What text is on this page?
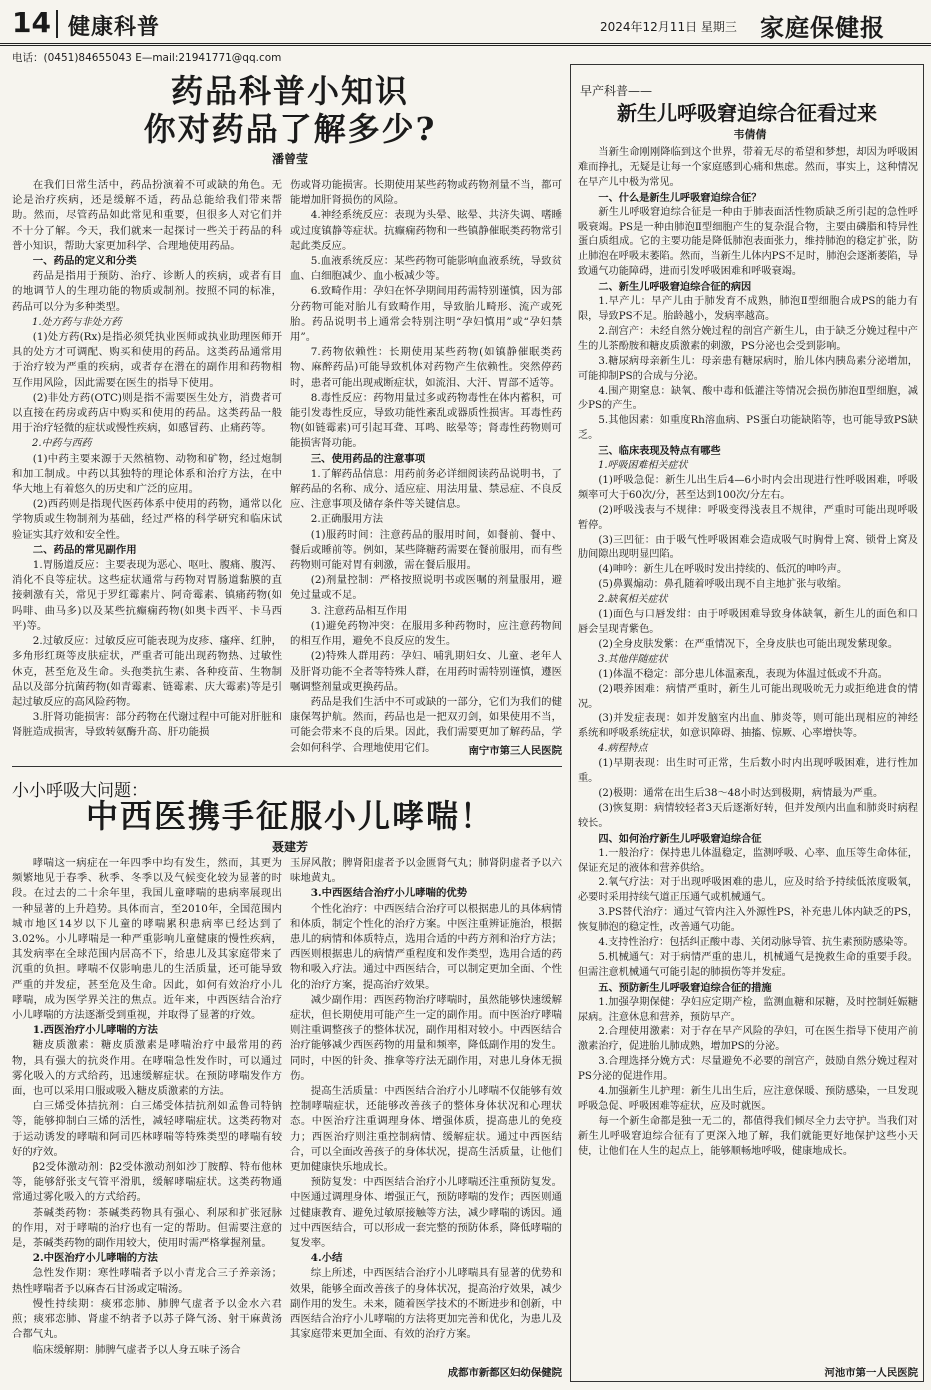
14 健康科普	2024年12月11日 星期三 家庭保健报
电话：(0451)84655043 E—mail:21941771@qq.com
药品科普小知识
你对药品了解多少?
潘曾莹

在我们日常生活中，药品扮演着不可或缺的角色。无论是治疗疾病，还是缓解不适，药品总能给我们带来帮助。然而，尽管药品如此常见和重要，但很多人对它们并不十分了解。今天，我们就来一起探讨一些关于药品的科普小知识，帮助大家更加科学、合理地使用药品。

一、药品的定义和分类

药品是指用于预防、治疗、诊断人的疾病，或者有目的地调节人的生理功能的物质或制剂。按照不同的标准，药品可以分为多种类型。

1.处方药与非处方药

(1)处方药(Rx)是指必须凭执业医师或执业助理医师开具的处方才可调配、购买和使用的药品。这类药品通常用于治疗较为严重的疾病，或者存在潜在的副作用和药物相互作用风险，因此需要在医生的指导下使用。

(2)非处方药(OTC)则是指不需要医生处方，消费者可以直接在药房或药店中购买和使用的药品。这类药品一般用于治疗轻微的症状或慢性疾病，如感冒药、止痛药等。

2.中药与西药

(1)中药主要来源于天然植物、动物和矿物，经过炮制和加工制成。中药以其独特的理论体系和治疗方法，在中华大地上有着悠久的历史和广泛的应用。

(2)西药则是指现代医药体系中使用的药物，通常以化学物质或生物制剂为基础，经过严格的科学研究和临床试验证实其疗效和安全性。

二、药品的常见副作用

1.胃肠道反应：主要表现为恶心、呕吐、腹痛、腹泻、消化不良等症状。这些症状通常与药物对胃肠道黏膜的直接刺激有关，常见于罗红霉素片、阿奇霉素、镇痛药物(如吗啡、曲马多)以及某些抗癫痫药物(如奥卡西平、卡马西平)等。

2.过敏反应：过敏反应可能表现为皮疹、瘙痒、红肿，多角形红斑等皮肤症状，严重者可能出现药物热、过敏性休克，甚至危及生命。头孢类抗生素、各种疫苗、生物制品以及部分抗菌药物(如青霉素、链霉素、庆大霉素)等是引起过敏反应的高风险药物。

3.肝肾功能损害：部分药物在代谢过程中可能对肝脏和肾脏造成损害，导致转氨酶升高、肝功能损

伤或肾功能损害。长期使用某些药物或药物剂量不当，都可能增加肝肾损伤的风险。

4.神经系统反应：表现为头晕、眩晕、共济失调、嗜睡或过度镇静等症状。抗癫痫药物和一些镇静催眠类药物常引起此类反应。

5.血液系统反应：某些药物可能影响血液系统，导致贫血、白细胞减少、血小板减少等。

6.致畸作用：孕妇在怀孕期间用药需特别谨慎，因为部分药物可能对胎儿有致畸作用，导致胎儿畸形、流产或死胎。药品说明书上通常会特别注明“孕妇慎用”或“孕妇禁用”。

7.药物依赖性：长期使用某些药物(如镇静催眠类药物、麻醉药品)可能导致机体对药物产生依赖性。突然停药时，患者可能出现戒断症状，如流泪、大汗、胃部不适等。

8.毒性反应：药物用量过多或药物毒性在体内蓄积，可能引发毒性反应，导致功能性紊乱或器质性损害。耳毒性药物(如链霉素)可引起耳聋、耳鸣、眩晕等；肾毒性药物则可能损害肾功能。

三、使用药品的注意事项

1.了解药品信息：用药前务必详细阅读药品说明书，了解药品的名称、成分、适应症、用法用量、禁忌症、不良反应、注意事项及储存条件等关键信息。

2.正确服用方法

(1)服药时间：注意药品的服用时间，如餐前、餐中、餐后或睡前等。例如，某些降糖药需要在餐前服用，而有些药物则可能对胃有刺激，需在餐后服用。

(2)剂量控制：严格按照说明书或医嘱的剂量服用，避免过量或不足。

3. 注意药品相互作用

(1)避免药物冲突：在服用多种药物时，应注意药物间的相互作用，避免不良反应的发生。

(2)特殊人群用药：孕妇、哺乳期妇女、儿童、老年人及肝肾功能不全者等特殊人群，在用药时需特别谨慎，遵医嘱调整剂量或更换药品。

药品是我们生活中不可或缺的一部分，它们为我们的健康保驾护航。然而，药品也是一把双刃剑，如果使用不当，可能会带来不良的后果。因此，我们需要更加了解药品，学会如何科学、合理地使用它们。	南宁市第三人民医院
小小呼吸大问题：
中西医携手征服小儿哮喘！
聂建芳

哮喘这一病症在一年四季中均有发生，然而，其更为频繁地见于春季、秋季、冬季以及气候变化较为显著的时段。在过去的二十余年里，我国儿童哮喘的患病率展现出一种显著的上升趋势。具体而言，至2010年，全国范围内城市地区14岁以下儿童的哮喘累积患病率已经达到了3.02%。小儿哮喘是一种严重影响儿童健康的慢性疾病，其发病率在全球范围内居高不下，给患儿及其家庭带来了沉重的负担。哮喘不仅影响患儿的生活质量，还可能导致严重的并发症，甚至危及生命。因此，如何有效治疗小儿哮喘，成为医学界关注的焦点。近年来，中西医结合治疗小儿哮喘的方法逐渐受到重视，并取得了显著的疗效。

1.西医治疗小儿哮喘的方法

糖皮质激素：糖皮质激素是哮喘治疗中最常用的药物，具有强大的抗炎作用。在哮喘急性发作时，可以通过雾化吸入的方式给药，迅速缓解症状。在预防哮喘发作方面，也可以采用口服或吸入糖皮质激素的方法。

白三烯受体拮抗剂：白三烯受体拮抗剂如孟鲁司特钠等，能够抑制白三烯的活性，减轻哮喘症状。这类药物对于运动诱发的哮喘和阿司匹林哮喘等特殊类型的哮喘有较好的疗效。

β2受体激动剂：β2受体激动剂如沙丁胺醇、特布他林等，能够舒张支气管平滑肌，缓解哮喘症状。这类药物通常通过雾化吸入的方式给药。

茶碱类药物：茶碱类药物具有强心、利尿和扩张冠脉的作用，对于哮喘的治疗也有一定的帮助。但需要注意的是，茶碱类药物的副作用较大，使用时需严格掌握剂量。

2.中医治疗小儿哮喘的方法

急性发作期：寒性哮喘者予以小青龙合三子养亲汤；热性哮喘者予以麻杏石甘汤或定喘汤。

慢性持续期：痰邪恋肺、肺脾气虚者予以金水六君煎；痰邪恋肺、肾虚不纳者予以苏子降气汤、射干麻黄汤合都气丸。

临床缓解期：肺脾气虚者予以人身五味子汤合

玉屏风散；脾肾阳虚者予以金匮肾气丸；肺肾阴虚者予以六味地黄丸。

3.中西医结合治疗小儿哮喘的优势

个性化治疗：中西医结合治疗可以根据患儿的具体病情和体质，制定个性化的治疗方案。中医注重辨证施治，根据患儿的病情和体质特点，选用合适的中药方剂和治疗方法；西医则根据患儿的病情严重程度和发作类型，选用合适的药物和吸入疗法。通过中西医结合，可以制定更加全面、个性化的治疗方案，提高治疗效果。

减少副作用：西医药物治疗哮喘时，虽然能够快速缓解症状，但长期使用可能产生一定的副作用。而中医治疗哮喘则注重调整孩子的整体状况，副作用相对较小。中西医结合治疗能够减少西医药物的用量和频率，降低副作用的发生。同时，中医的针灸、推拿等疗法无副作用，对患儿身体无损伤。

提高生活质量：中西医结合治疗小儿哮喘不仅能够有效控制哮喘症状，还能够改善孩子的整体身体状况和心理状态。中医治疗注重调理身体、增强体质，提高患儿的免疫力；西医治疗则注重控制病情、缓解症状。通过中西医结合，可以全面改善孩子的身体状况，提高生活质量，让他们更加健康快乐地成长。

预防复发：中西医结合治疗小儿哮喘还注重预防复发。中医通过调理身体、增强正气，预防哮喘的发作；西医则通过健康教育、避免过敏原接触等方法，减少哮喘的诱因。通过中西医结合，可以形成一套完整的预防体系，降低哮喘的复发率。

4.小结

综上所述，中西医结合治疗小儿哮喘具有显著的优势和效果，能够全面改善孩子的身体状况，提高治疗效果，减少副作用的发生。未来，随着医学技术的不断进步和创新，中西医结合治疗小儿哮喘的方法将更加完善和优化，为患儿及其家庭带来更加全面、有效的治疗方案。

成都市新都区妇幼保健院
早产科普——
新生儿呼吸窘迫综合征看过来
韦倩倩

当新生命刚刚降临到这个世界，带着无尽的希望和梦想，却因为呼吸困难而挣扎，无疑是让每一个家庭感到心痛和焦虑。然而，事实上，这种情况在早产儿中极为常见。

一、什么是新生儿呼吸窘迫综合征？

新生儿呼吸窘迫综合征是一种由于肺表面活性物质缺乏所引起的急性呼吸衰竭。PS是一种由肺泡Ⅱ型细胞产生的复杂混合物，主要由磷脂和特异性蛋白质组成。它的主要功能是降低肺泡表面张力，维持肺泡的稳定扩张，防止肺泡在呼吸末萎陷。然而，当新生儿体内PS不足时，肺泡会逐渐萎陷，导致通气功能障碍，进而引发呼吸困难和呼吸衰竭。

二、新生儿呼吸窘迫综合征的病因

1.早产儿：早产儿由于肺发育不成熟，肺泡Ⅱ型细胞合成PS的能力有限，导致PS不足。胎龄越小，发病率越高。

2.剖宫产：未经自然分娩过程的剖宫产新生儿，由于缺乏分娩过程中产生的儿茶酚胺和糖皮质激素的刺激，PS分泌也会受到影响。

3.糖尿病母亲新生儿：母亲患有糖尿病时，胎儿体内胰岛素分泌增加，可能抑制PS的合成与分泌。

4.围产期窒息：缺氧、酸中毒和低灌注等情况会损伤肺泡Ⅱ型细胞，减少PS的产生。

5.其他因素：如重度Rh溶血病、PS蛋白功能缺陷等，也可能导致PS缺乏。

三、临床表现及特点有哪些

1.呼吸困难相关症状

(1)呼吸急促：新生儿出生后4—6小时内会出现进行性呼吸困难，呼吸频率可大于60次/分，甚至达到100次/分左右。

(2)呼吸浅表与不规律：呼吸变得浅表且不规律，严重时可能出现呼吸暂停。

(3)三凹征：由于吸气性呼吸困难会造成吸气时胸骨上窝、锁骨上窝及肋间隙出现明显凹陷。

(4)呻吟：新生儿在呼吸时发出持续的、低沉的呻吟声。

(5)鼻翼煽动：鼻孔随着呼吸出现不自主地扩张与收缩。

2.缺氧相关症状

(1)面色与口唇发绀：由于呼吸困难导致身体缺氧，新生儿的面色和口唇会呈现青紫色。

(2)全身皮肤发紫：在严重情况下，全身皮肤也可能出现发紫现象。

3.其他伴随症状

(1)体温不稳定：部分患儿体温紊乱，表现为体温过低或不升高。

(2)喂养困难：病情严重时，新生儿可能出现吸吮无力或拒绝进食的情况。

(3)并发症表现：如并发脑室内出血、肺炎等，则可能出现相应的神经系统和呼吸系统症状，如意识障碍、抽搐、惊厥、心率增快等。

4.病程特点

(1)早期表现：出生时可正常，生后数小时内出现呼吸困难，进行性加重。

(2)极期：通常在出生后38～48小时达到极期，病情最为严重。

(3)恢复期：病情较轻者3天后逐渐好转，但并发颅内出血和肺炎时病程较长。

四、如何治疗新生儿呼吸窘迫综合征

1.一般治疗：保持患儿体温稳定，监测呼吸、心率、血压等生命体征，保证充足的液体和营养供给。

2.氧气疗法：对于出现呼吸困难的患儿，应及时给予持续低浓度吸氧，必要时采用持续气道正压通气或机械通气。

3.PS替代治疗：通过气管内注入外源性PS，补充患儿体内缺乏的PS，恢复肺泡的稳定性，改善通气功能。

4.支持性治疗：包括纠正酸中毒、关闭动脉导管、抗生素预防感染等。

5.机械通气：对于病情严重的患儿，机械通气是挽救生命的重要手段。但需注意机械通气可能引起的肺损伤等并发症。

五、预防新生儿呼吸窘迫综合征的措施

1.加强孕期保健：孕妇应定期产检，监测血糖和尿糖，及时控制妊娠糖尿病。注意休息和营养，预防早产。

2.合理使用激素：对于存在早产风险的孕妇，可在医生指导下使用产前激素治疗，促进胎儿肺成熟，增加PS的分泌。

3.合理选择分娩方式：尽量避免不必要的剖宫产，鼓励自然分娩过程对PS分泌的促进作用。

4.加强新生儿护理：新生儿出生后，应注意保暖、预防感染，一旦发现呼吸急促、呼吸困难等症状，应及时就医。

每一个新生命都是独一无二的，都值得我们倾尽全力去守护。当我们对新生儿呼吸窘迫综合征有了更深入地了解，我们就能更好地保护这些小天使，让他们在人生的起点上，能够顺畅地呼吸，健康地成长。

河池市第一人民医院
